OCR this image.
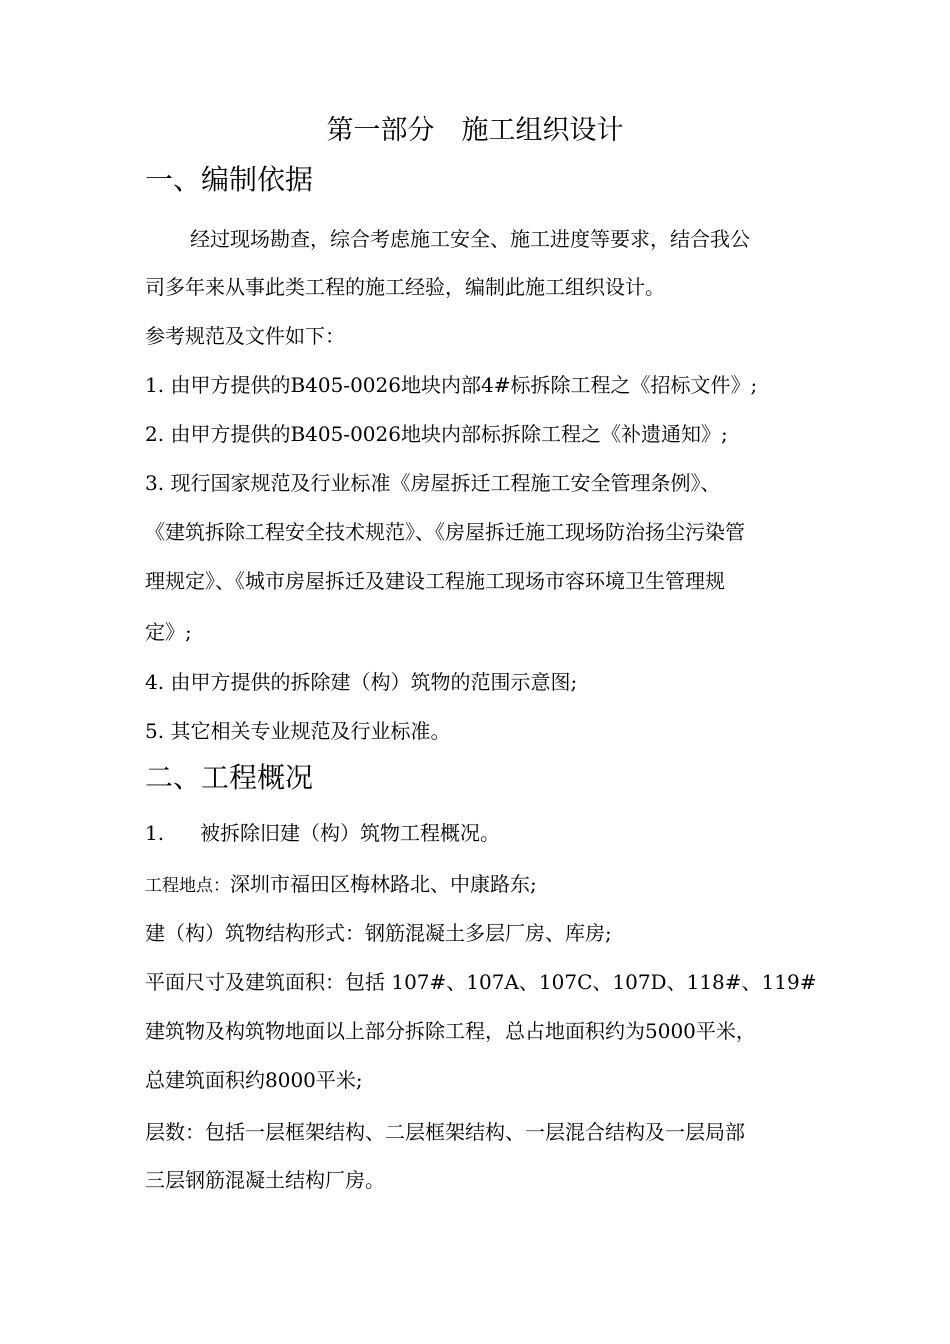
第一部分　施工组织设计
一、编制依据
经过现场勘查，综合考虑施工安全、施工进度等要求，结合我公
司多年来从事此类工程的施工经验，编制此施工组织设计。
参考规范及文件如下：
1. 由甲方提供的B405-0026地块内部4#标拆除工程之《招标文件》;
2. 由甲方提供的B405-0026地块内部标拆除工程之《补遗通知》;
3. 现行国家规范及行业标准《房屋拆迁工程施工安全管理条例》、
《建筑拆除工程安全技术规范》、《房屋拆迁施工现场防治扬尘污染管
理规定》、《城市房屋拆迁及建设工程施工现场市容环境卫生管理规
定》;
4. 由甲方提供的拆除建（构）筑物的范围示意图;
5. 其它相关专业规范及行业标准。
二、工程概况
1. 被拆除旧建（构）筑物工程概况。
工程地点：深圳市福田区梅林路北、中康路东;
建（构）筑物结构形式：钢筋混凝土多层厂房、库房;
平面尺寸及建筑面积：包括 107#、107A、107C、107D、118#、119#
建筑物及构筑物地面以上部分拆除工程，总占地面积约为5000平米，
总建筑面积约8000平米;
层数：包括一层框架结构、二层框架结构、一层混合结构及一层局部
三层钢筋混凝土结构厂房。
